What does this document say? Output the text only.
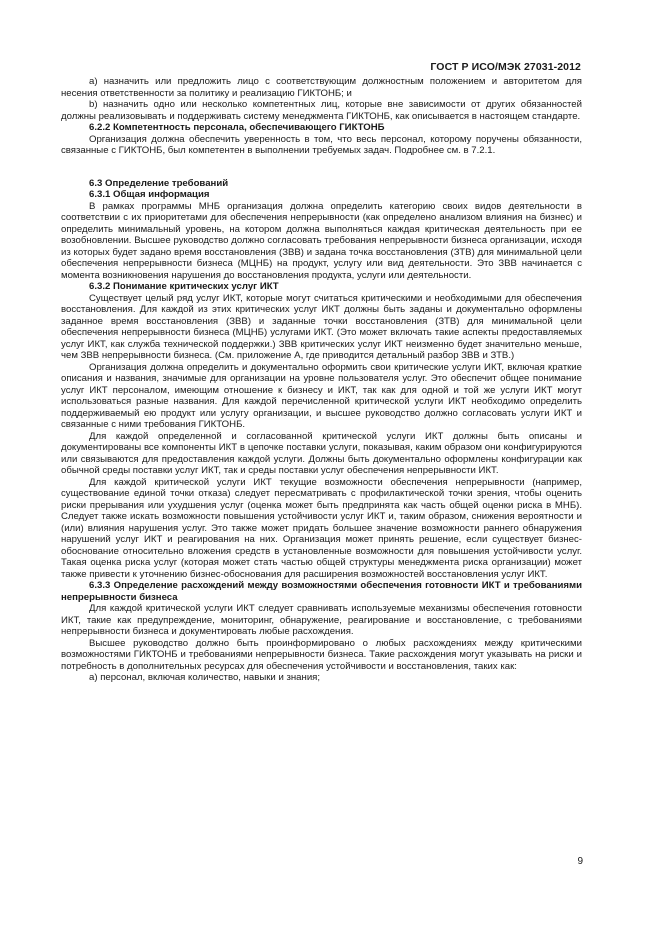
ГОСТ Р ИСО/МЭК 27031-2012

а) назначить или предложить лицо с соответствующим должностным положением и авторитетом для несения ответственности за политику и реализацию ГИКТОНБ; и

b) назначить одно или несколько компетентных лиц, которые вне зависимости от других обязанностей должны реализовывать и поддерживать систему менеджмента ГИКТОНБ, как описывается в настоящем стандарте.

6.2.2 Компетентность персонала, обеспечивающего ГИКТОНБ

Организация должна обеспечить уверенность в том, что весь персонал, которому поручены обязанности, связанные с ГИКТОНБ, был компетентен в выполнении требуемых задач. Подробнее см. в 7.2.1.

6.3 Определение требований

6.3.1 Общая информация

В рамках программы МНБ организация должна определить категорию своих видов деятельности в соответствии с их приоритетами для обеспечения непрерывности (как определено анализом влияния на бизнес) и определить минимальный уровень, на котором должна выполняться каждая критическая деятельность при ее возобновлении. Высшее руководство должно согласовать требования непрерывности бизнеса организации, исходя из которых будет задано время восстановления (ЗВВ) и задана точка восстановления (ЗТВ) для минимальной цели обеспечения непрерывности бизнеса (МЦНБ) на продукт, услугу или вид деятельности. Это ЗВВ начинается с момента возникновения нарушения до восстановления продукта, услуги или деятельности.

6.3.2 Понимание критических услуг ИКТ

Существует целый ряд услуг ИКТ, которые могут считаться критическими и необходимыми для обеспечения восстановления. Для каждой из этих критических услуг ИКТ должны быть заданы и документально оформлены заданное время восстановления (ЗВВ) и заданные точки восстановления (ЗТВ) для минимальной цели обеспечения непрерывности бизнеса (МЦНБ) услугами ИКТ. (Это может включать такие аспекты предоставляемых услуг ИКТ, как служба технической поддержки.) ЗВВ критических услуг ИКТ неизменно будет значительно меньше, чем ЗВВ непрерывности бизнеса. (См. приложение А, где приводится детальный разбор ЗВВ и ЗТВ.)

Организация должна определить и документально оформить свои критические услуги ИКТ, включая краткие описания и названия, значимые для организации на уровне пользователя услуг. Это обеспечит общее понимание услуг ИКТ персоналом, имеющим отношение к бизнесу и ИКТ, так как для одной и той же услуги ИКТ могут использоваться разные названия. Для каждой перечисленной критической услуги ИКТ необходимо определить поддерживаемый ею продукт или услугу организации, и высшее руководство должно согласовать услуги ИКТ и связанные с ними требования ГИКТОНБ.

Для каждой определенной и согласованной критической услуги ИКТ должны быть описаны и документированы все компоненты ИКТ в цепочке поставки услуги, показывая, каким образом они конфигурируются или связываются для предоставления каждой услуги. Должны быть документально оформлены конфигурации как обычной среды поставки услуг ИКТ, так и среды поставки услуг обеспечения непрерывности ИКТ.

Для каждой критической услуги ИКТ текущие возможности обеспечения непрерывности (например, существование единой точки отказа) следует пересматривать с профилактической точки зрения, чтобы оценить риски прерывания или ухудшения услуг (оценка может быть предпринята как часть общей оценки риска в МНБ). Следует также искать возможности повышения устойчивости услуг ИКТ и, таким образом, снижения вероятности и (или) влияния нарушения услуг. Это также может придать большее значение возможности раннего обнаружения нарушений услуг ИКТ и реагирования на них. Организация может принять решение, если существует бизнес-обоснование относительно вложения средств в установленные возможности для повышения устойчивости услуг. Такая оценка риска услуг (которая может стать частью общей структуры менеджмента риска организации) может также привести к уточнению бизнес-обоснования для расширения возможностей восстановления услуг ИКТ.

6.3.3 Определение расхождений между возможностями обеспечения готовности ИКТ и требованиями непрерывности бизнеса

Для каждой критической услуги ИКТ следует сравнивать используемые механизмы обеспечения готовности ИКТ, такие как предупреждение, мониторинг, обнаружение, реагирование и восстановление, с требованиями непрерывности бизнеса и документировать любые расхождения.

Высшее руководство должно быть проинформировано о любых расхождениях между критическими возможностями ГИКТОНБ и требованиями непрерывности бизнеса. Такие расхождения могут указывать на риски и потребность в дополнительных ресурсах для обеспечения устойчивости и восстановления, таких как:

а) персонал, включая количество, навыки и знания;

9
